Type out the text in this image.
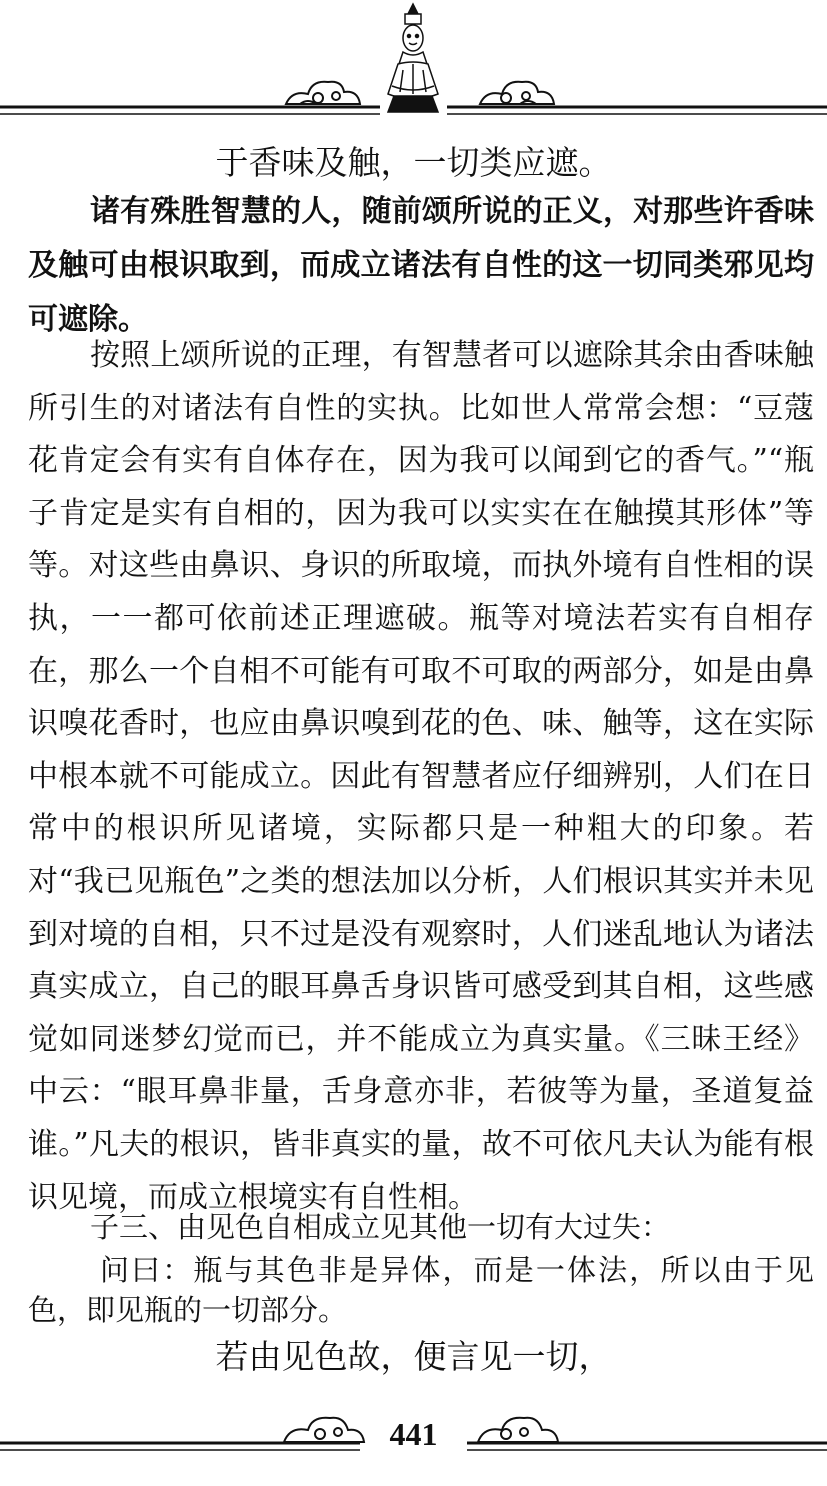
于香味及触，一切类应遮。
诸有殊胜智慧的人，随前颂所说的正义，对那些许香味及触可由根识取到，而成立诸法有自性的这一切同类邪见均可遮除。
按照上颂所说的正理，有智慧者可以遮除其余由香味触所引生的对诸法有自性的实执。比如世人常常会想：“豆蔻花肯定会有实有自体存在，因为我可以闻到它的香气。”“瓶子肯定是实有自相的，因为我可以实实在在触摸其形体”等等。对这些由鼻识、身识的所取境，而执外境有自性相的误执，一一都可依前述正理遮破。瓶等对境法若实有自相存在，那么一个自相不可能有可取不可取的两部分，如是由鼻识嗅花香时，也应由鼻识嗅到花的色、味、触等，这在实际中根本就不可能成立。因此有智慧者应仔细辨别，人们在日常中的根识所见诸境，实际都只是一种粗大的印象。若对“我已见瓶色”之类的想法加以分析，人们根识其实并未见到对境的自相，只不过是没有观察时，人们迷乱地认为诸法真实成立，自己的眼耳鼻舌身识皆可感受到其自相，这些感觉如同迷梦幻觉而已，并不能成立为真实量。《三昧王经》中云：“眼耳鼻非量，舌身意亦非，若彼等为量，圣道复益谁。”凡夫的根识，皆非真实的量，故不可依凡夫认为能有根识见境，而成立根境实有自性相。
子三、由见色自相成立见其他一切有大过失：
问曰：瓶与其色非是异体，而是一体法，所以由于见色，即见瓶的一切部分。
若由见色故，便言见一切，
441
